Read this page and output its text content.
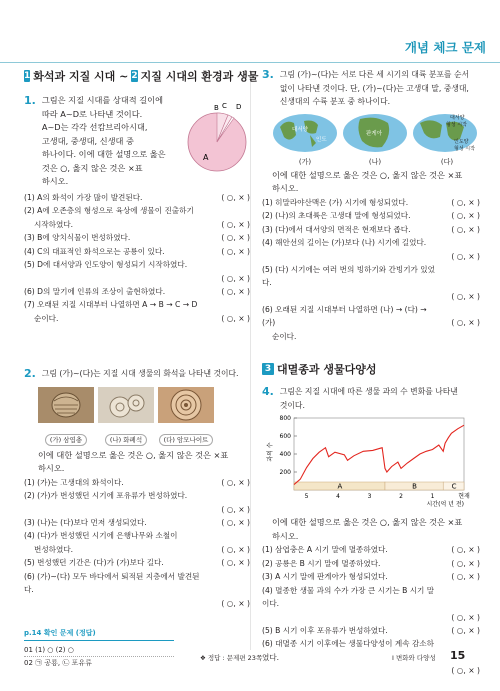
개념 체크 문제
1 화석과 지질 시대 ~ 2 지질 시대의 환경과 생물
1. 그림은 지질 시대를 상대적 길이에
따라 A~D로 나타낸 것이다.
A~D는 각각 선캄브리아시대,
고생대, 중생대, 신생대 중
하나이다. 이에 대한 설명으로 옳은
것은 ○, 옳지 않은 것은 ×표
하시오.
B C D
A
(1) A의 화석이 가장 많이 발견된다.	( ○, × )
(2) A에 오존층의 형성으로 육상에 생물이 진출하기
시작하였다.	( ○, × )
(3) B에 양치식물이 번성하였다.	( ○, × )
(4) C의 대표적인 화석으로는 공룡이 있다.	( ○, × )
(5) D에 대서양과 인도양이 형성되기 시작하였다.
( ○, × )
(6) D의 말기에 인류의 조상이 출현하였다.	( ○, × )
(7) 오래된 지질 시대부터 나열하면 A → B → C → D
순이다.	( ○, × )
2. 그림 (가)~(다)는 지질 시대 생물의 화석을 나타낸 것이다.
(가) 삼엽충	(나) 화폐석	(다) 암모나이트
이에 대한 설명으로 옳은 것은 ○, 옳지 않은 것은 ×표
하시오.
(1) (가)는 고생대의 화석이다.	( ○, × )
(2) (가)가 번성했던 시기에 포유류가 번성하였다.
( ○, × )
(3) (나)는 (다)보다 먼저 생성되었다.	( ○, × )
(4) (다)가 번성했던 시기에 은행나무와 소철이
번성하였다.	( ○, × )
(5) 번성했던 기간은 (다)가 (가)보다 길다.	( ○, × )
(6) (가)~(다) 모두 바다에서 퇴적된 지층에서 발견된다.
( ○, × )
p.14 확인 문제 (정답)
01 (1) ○ (2) ○
02 ㉠ 공룡, ㉡ 포유류
3. 그림 (가)~(다)는 서로 다른 세 시기의 대륙 분포를 순서
없이 나타낸 것이다. 단, (가)~(다)는 고생대 말, 중생대,
신생대의 수륙 분포 중 하나이다.
대서양
인도
(가)
판게아
(나)
대서양
형성 시작
인도양
형성 시작
(다)
이에 대한 설명으로 옳은 것은 ○, 옳지 않은 것은 ×표
하시오.
(1) 히말라야산맥은 (가) 시기에 형성되었다.	( ○, × )
(2) (나)의 초대륙은 고생대 말에 형성되었다.	( ○, × )
(3) (다)에서 대서양의 면적은 현재보다 좁다.	( ○, × )
(4) 해안선의 길이는 (가)보다 (나) 시기에 길었다.
( ○, × )
(5) (다) 시기에는 여러 번의 빙하기와 간빙기가 있었다.
( ○, × )
(6) 오래된 지질 시대부터 나열하면 (나) → (다) → (가)
순이다.
( ○, × )
3 대멸종과 생물다양성
4. 그림은 지질 시대에 따른 생물 과의 수 변화를 나타낸
것이다.
A	B	C
200
400
600
800
5	4	3	2	1	현재
과의 수
시간(억 년 전)
이에 대한 설명으로 옳은 것은 ○, 옳지 않은 것은 ×표
하시오.
(1) 삼엽충은 A 시기 말에 멸종하였다.	( ○, × )
(2) 공룡은 B 시기 말에 멸종하였다.	( ○, × )
(3) A 시기 말에 판게아가 형성되었다.	( ○, × )
(4) 멸종한 생물 과의 수가 가장 큰 시기는 B 시기 말이다.
( ○, × )
(5) B 시기 이후 포유류가 번성하였다.	( ○, × )
(6) 대멸종 시기 이후에는 생물다양성이 계속 감소하였다.
( ○, × )
❖ 정답 : 문제편 23쪽	Ⅰ 변화와 다양성 15
